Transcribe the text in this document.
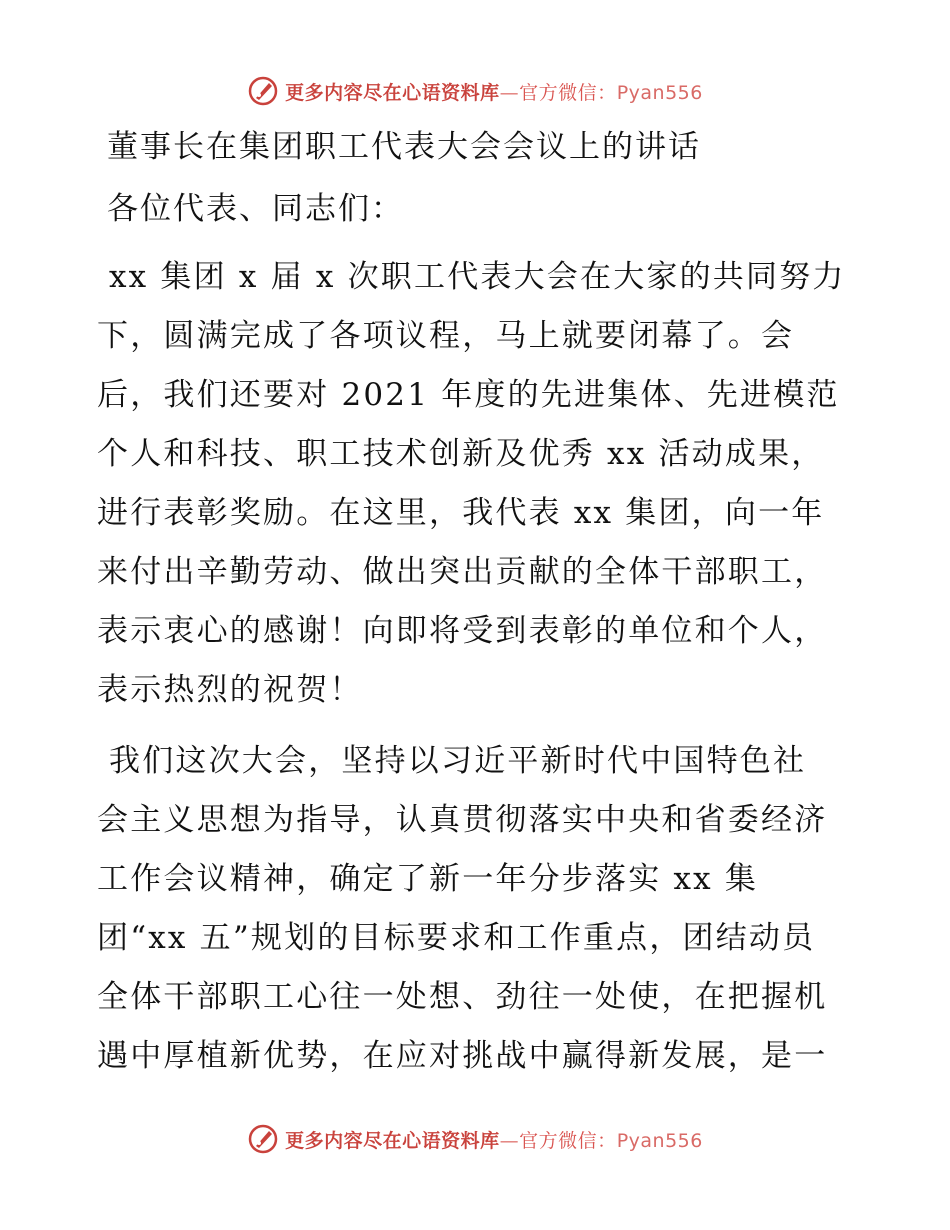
更多内容尽在心语资料库—官方微信：Pyan556
董事长在集团职工代表大会会议上的讲话
各位代表、同志们：
xx 集团 x 届 x 次职工代表大会在大家的共同努力
下，圆满完成了各项议程，马上就要闭幕了。会
后，我们还要对 2021 年度的先进集体、先进模范
个人和科技、职工技术创新及优秀 xx 活动成果，
进行表彰奖励。在这里，我代表 xx 集团，向一年
来付出辛勤劳动、做出突出贡献的全体干部职工，
表示衷心的感谢！向即将受到表彰的单位和个人，
表示热烈的祝贺！
我们这次大会，坚持以习近平新时代中国特色社
会主义思想为指导，认真贯彻落实中央和省委经济
工作会议精神，确定了新一年分步落实 xx 集
团“xx 五”规划的目标要求和工作重点，团结动员
全体干部职工心往一处想、劲往一处使，在把握机
遇中厚植新优势，在应对挑战中赢得新发展，是一
更多内容尽在心语资料库—官方微信：Pyan556
